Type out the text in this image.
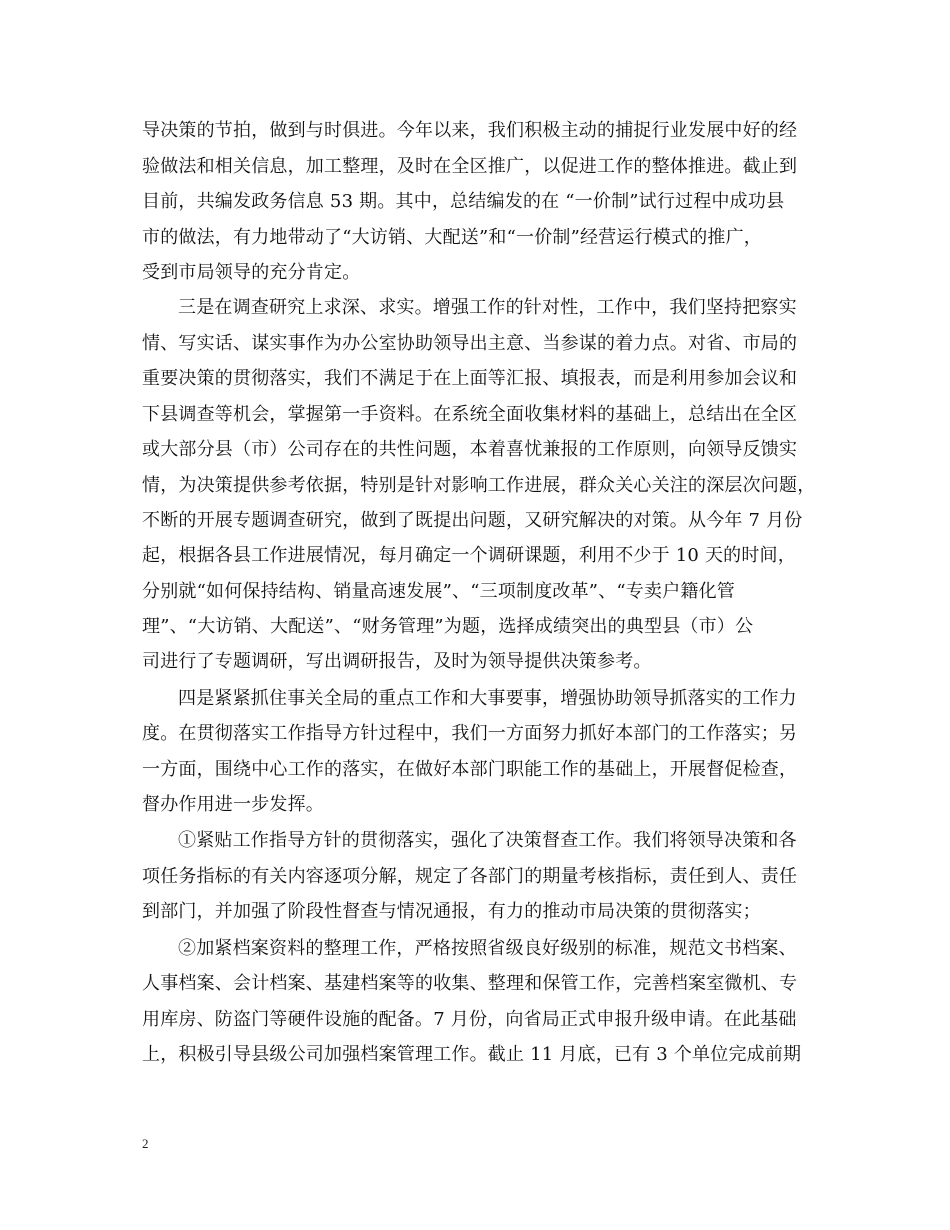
导决策的节拍，做到与时俱进。今年以来，我们积极主动的捕捉行业发展中好的经
验做法和相关信息，加工整理，及时在全区推广，以促进工作的整体推进。截止到
目前，共编发政务信息 53 期。其中，总结编发的在 “一价制”试行过程中成功县
市的做法，有力地带动了“大访销、大配送”和“一价制”经营运行模式的推广，
受到市局领导的充分肯定。
三是在调查研究上求深、求实。增强工作的针对性，工作中，我们坚持把察实
情、写实话、谋实事作为办公室协助领导出主意、当参谋的着力点。对省、市局的
重要决策的贯彻落实，我们不满足于在上面等汇报、填报表，而是利用参加会议和
下县调查等机会，掌握第一手资料。在系统全面收集材料的基础上，总结出在全区
或大部分县（市）公司存在的共性问题，本着喜忧兼报的工作原则，向领导反馈实
情，为决策提供参考依据，特别是针对影响工作进展，群众关心关注的深层次问题，
不断的开展专题调查研究，做到了既提出问题，又研究解决的对策。从今年 7 月份
起，根据各县工作进展情况，每月确定一个调研课题，利用不少于 10 天的时间，
分别就“如何保持结构、销量高速发展”、“三项制度改革”、“专卖户籍化管
理”、“大访销、大配送”、“财务管理”为题，选择成绩突出的典型县（市）公
司进行了专题调研，写出调研报告，及时为领导提供决策参考。
四是紧紧抓住事关全局的重点工作和大事要事，增强协助领导抓落实的工作力
度。在贯彻落实工作指导方针过程中，我们一方面努力抓好本部门的工作落实；另
一方面，围绕中心工作的落实，在做好本部门职能工作的基础上，开展督促检查，
督办作用进一步发挥。
①紧贴工作指导方针的贯彻落实，强化了决策督查工作。我们将领导决策和各
项任务指标的有关内容逐项分解，规定了各部门的期量考核指标，责任到人、责任
到部门，并加强了阶段性督查与情况通报，有力的推动市局决策的贯彻落实；
②加紧档案资料的整理工作，严格按照省级良好级别的标准，规范文书档案、
人事档案、会计档案、基建档案等的收集、整理和保管工作，完善档案室微机、专
用库房、防盗门等硬件设施的配备。7 月份，向省局正式申报升级申请。在此基础
上，积极引导县级公司加强档案管理工作。截止 11 月底，已有 3 个单位完成前期
2
